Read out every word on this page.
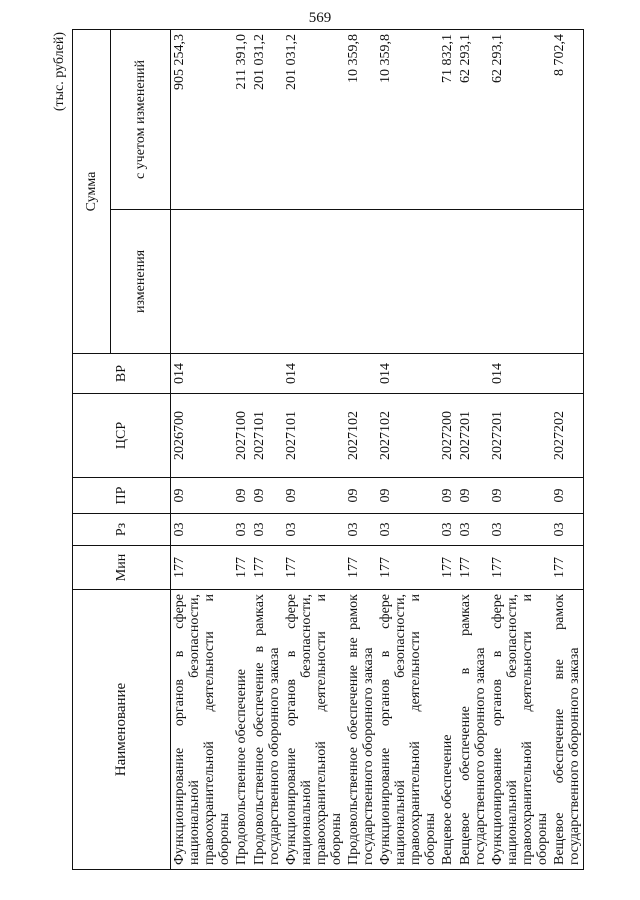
569
(тыс. рублей)
Наименование	Мин	Рз	ПР	ЦСР	ВР	Сумма	
						изменения	с учетом изменений
Функционирование органов в сфере национальной безопасности, правоохранительной деятельности и обороны	177	03	09	2026700	014		905 254,3
Продовольственное обеспечение	177	03	09	2027100			211 391,0
Продовольственное обеспечение в рамках государственного оборонного заказа	177	03	09	2027101			201 031,2
Функционирование органов в сфере национальной безопасности, правоохранительной деятельности и обороны	177	03	09	2027101	014		201 031,2
Продовольственное обеспечение вне рамок государственного оборонного заказа	177	03	09	2027102			10 359,8
Функционирование органов в сфере национальной безопасности, правоохранительной деятельности и обороны	177	03	09	2027102	014		10 359,8
Вещевое обеспечение	177	03	09	2027200			71 832,1
Вещевое обеспечение в рамках государственного оборонного заказа	177	03	09	2027201			62 293,1
Функционирование органов в сфере национальной безопасности, правоохранительной деятельности и обороны	177	03	09	2027201	014		62 293,1
Вещевое обеспечение вне рамок государственного оборонного заказа	177	03	09	2027202			8 702,4
